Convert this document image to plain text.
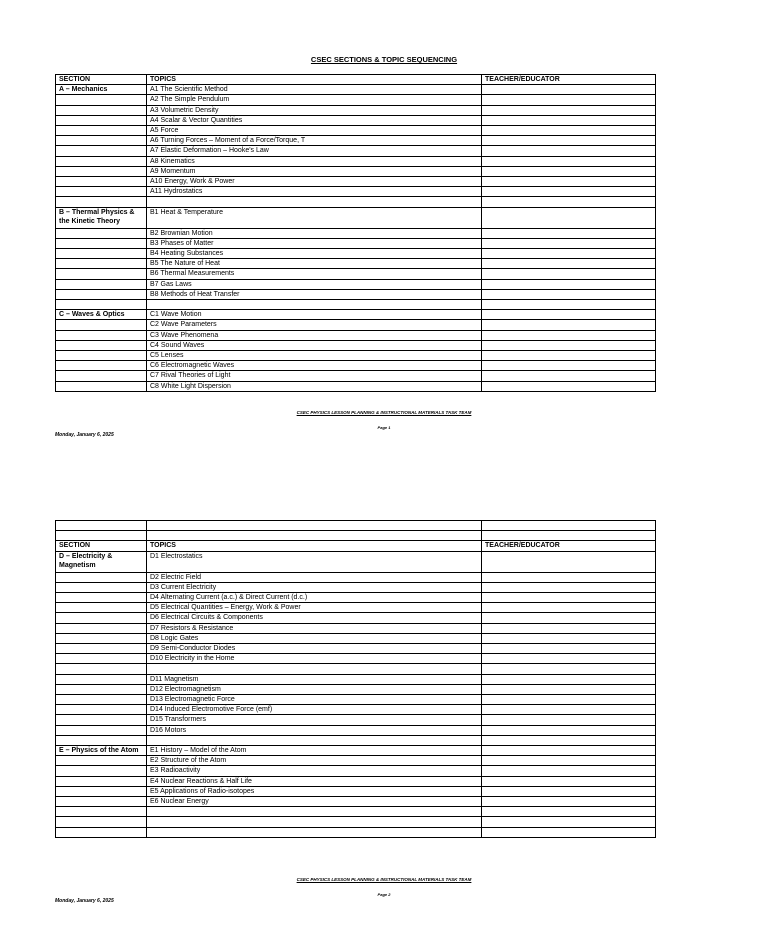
CSEC SECTIONS & TOPIC SEQUENCING
SECTION	TOPICS	TEACHER/EDUCATOR
A – Mechanics	A1 The Scientific Method	
	A2 The Simple Pendulum	
	A3 Volumetric Density	
	A4 Scalar & Vector Quantities	
	A5 Force	
	A6 Turning Forces – Moment of a Force/Torque, T	
	A7 Elastic Deformation – Hooke's Law	
	A8 Kinematics	
	A9 Momentum	
	A10 Energy, Work & Power	
	A11 Hydrostatics	

B – Thermal Physics & the Kinetic Theory	B1 Heat & Temperature	
	B2 Brownian Motion	
	B3 Phases of Matter	
	B4 Heating Substances	
	B5 The Nature of Heat	
	B6 Thermal Measurements	
	B7 Gas Laws	
	B8 Methods of Heat Transfer	

C – Waves & Optics	C1 Wave Motion	
	C2 Wave Parameters	
	C3 Wave Phenomena	
	C4 Sound Waves	
	C5 Lenses	
	C6 Electromagnetic Waves	
	C7 Rival Theories of Light	
	C8 White Light Dispersion	
CSEC PHYSICS LESSON PLANNING & INSTRUCTIONAL MATERIALS TASK TEAM
Page 1
Monday, January 6, 2025

SECTION	TOPICS	TEACHER/EDUCATOR
D – Electricity & Magnetism	D1 Electrostatics	
	D2 Electric Field	
	D3 Current Electricity	
	D4 Alternating Current (a.c.) & Direct Current (d.c.)	
	D5 Electrical Quantities – Energy, Work & Power	
	D6 Electrical Circuits & Components	
	D7 Resistors & Resistance	
	D8 Logic Gates	
	D9 Semi-Conductor Diodes	
	D10 Electricity in the Home	

	D11 Magnetism	
	D12 Electromagnetism	
	D13 Electromagnetic Force	
	D14 Induced Electromotive Force (emf)	
	D15 Transformers	
	D16 Motors	

E – Physics of the Atom	E1 History – Model of the Atom	
	E2 Structure of the Atom	
	E3 Radioactivity	
	E4 Nuclear Reactions & Half Life	
	E5 Applications of Radio-isotopes	
	E6 Nuclear Energy	

CSEC PHYSICS LESSON PLANNING & INSTRUCTIONAL MATERIALS TASK TEAM
Page 2
Monday, January 6, 2025
